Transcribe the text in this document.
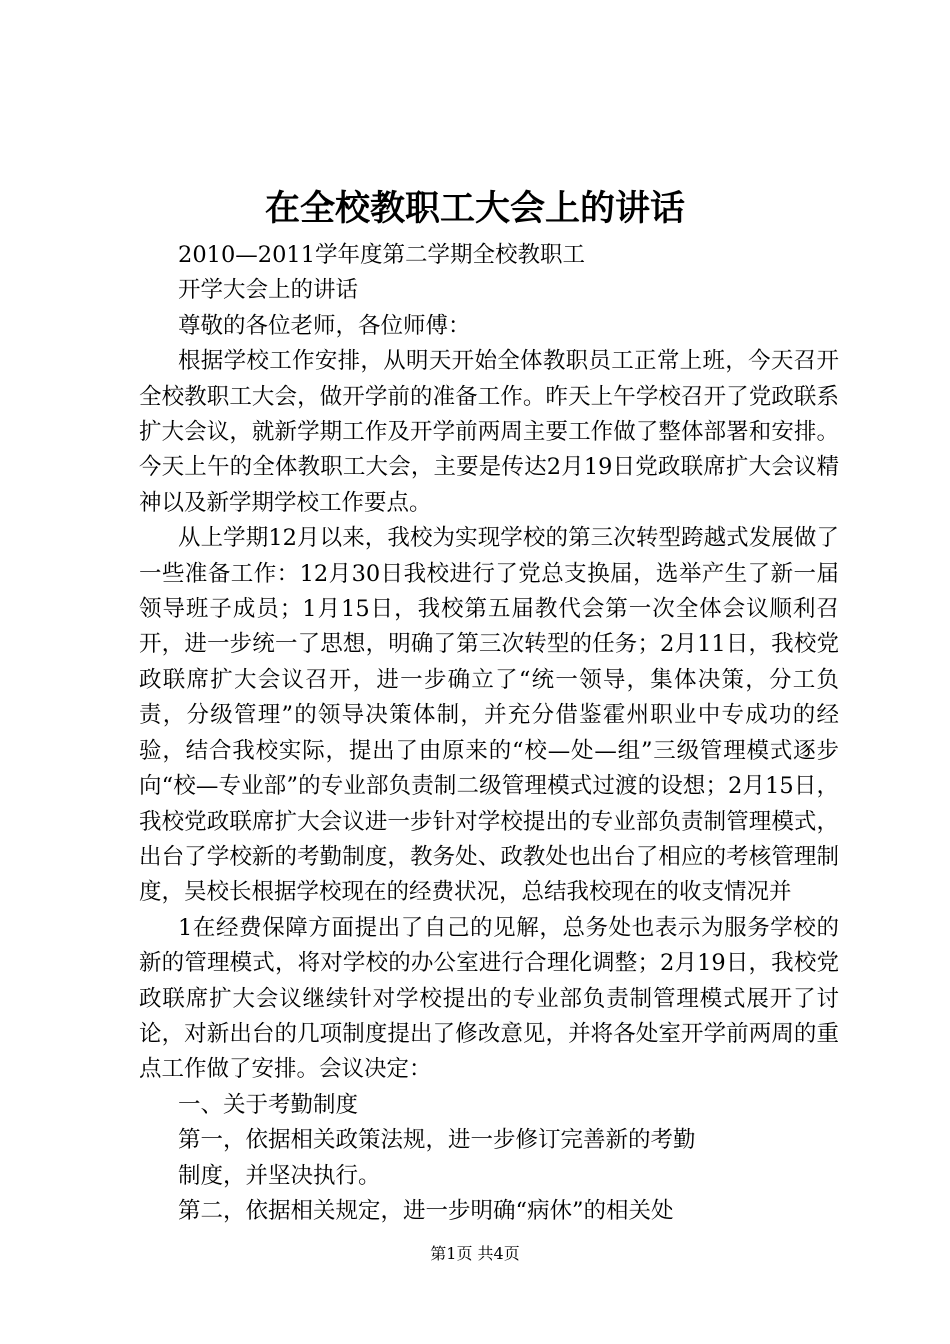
在全校教职工大会上的讲话
2010—2011学年度第二学期全校教职工
开学大会上的讲话
尊敬的各位老师，各位师傅：

根据学校工作安排，从明天开始全体教职员工正常上班，今天召开全校教职工大会，做开学前的准备工作。昨天上午学校召开了党政联系扩大会议，就新学期工作及开学前两周主要工作做了整体部署和安排。今天上午的全体教职工大会，主要是传达2月19日党政联席扩大会议精神以及新学期学校工作要点。

从上学期12月以来，我校为实现学校的第三次转型跨越式发展做了一些准备工作：12月30日我校进行了党总支换届，选举产生了新一届领导班子成员；1月15日，我校第五届教代会第一次全体会议顺利召开，进一步统一了思想，明确了第三次转型的任务；2月11日，我校党政联席扩大会议召开，进一步确立了“统一领导，集体决策，分工负责，分级管理”的领导决策体制，并充分借鉴霍州职业中专成功的经验，结合我校实际，提出了由原来的“校—处—组”三级管理模式逐步向“校—专业部”的专业部负责制二级管理模式过渡的设想；2月15日，我校党政联席扩大会议进一步针对学校提出的专业部负责制管理模式，出台了学校新的考勤制度，教务处、政教处也出台了相应的考核管理制度，吴校长根据学校现在的经费状况，总结我校现在的收支情况并

1在经费保障方面提出了自己的见解，总务处也表示为服务学校的新的管理模式，将对学校的办公室进行合理化调整；2月19日，我校党政联席扩大会议继续针对学校提出的专业部负责制管理模式展开了讨论，对新出台的几项制度提出了修改意见，并将各处室开学前两周的重点工作做了安排。会议决定：

一、关于考勤制度
第一，依据相关政策法规，进一步修订完善新的考勤
制度，并坚决执行。
第二，依据相关规定，进一步明确“病休”的相关处
第1页 共4页
